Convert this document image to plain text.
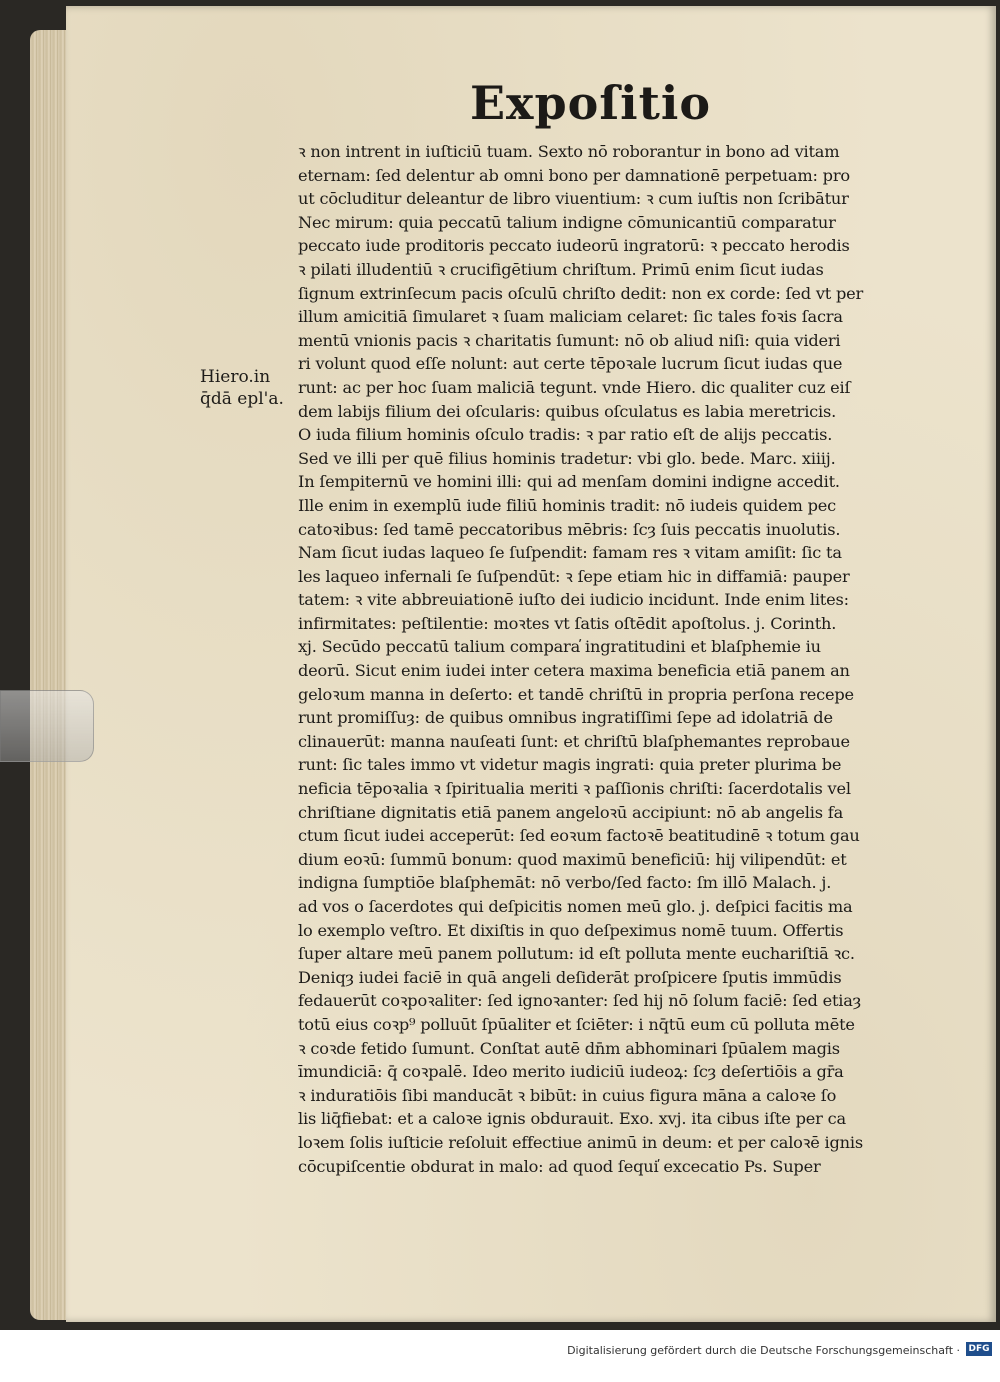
Expoſitio
Hiero.in
q̄dā epl'a.
ꝛ non intrent in iuſticiū tuam. Sexto nō roborantur in bono ad vitam
eternam: ſed delentur ab omni bono per damnationē perpetuam: pro
ut cōcluditur deleantur de libro viuentium: ꝛ cum iuſtis non ſcribātur
Nec mirum: quia peccatū talium indigne cōmunicantiū comparatur
peccato iude proditoris peccato iudeorū ingratorū: ꝛ peccato herodis
ꝛ pilati illudentiū ꝛ crucifigētium chriſtum. Primū enim ſicut iudas
ſignum extrinſecum pacis oſculū chriſto dedit: non ex corde: ſed vt per
illum amicitiā ſimularet ꝛ ſuam maliciam celaret: ſic tales foꝛis ſacra
mentū vnionis pacis ꝛ charitatis ſumunt: nō ob aliud niſi: quia videri
ri volunt quod eſſe nolunt: aut certe tēpoꝛale lucrum ſicut iudas que
runt: ac per hoc ſuam maliciā tegunt. vnde Hiero. dic qualiter cuz eiſ
dem labijs filium dei oſcularis: quibus oſculatus es labia meretricis.
O iuda filium hominis oſculo tradis: ꝛ par ratio eſt de alijs peccatis.
Sed ve illi per quē filius hominis tradetur: vbi glo. bede. Marc. xiiij.
In ſempiternū ve homini illi: qui ad menſam domini indigne accedit.
Ille enim in exemplū iude filiū hominis tradit: nō iudeis quidem pec
catoꝛibus: ſed tamē peccatoribus mēbris: ſcȝ ſuis peccatis inuolutis.
Nam ſicut iudas laqueo ſe ſuſpendit: famam res ꝛ vitam amiſit: ſic ta
les laqueo infernali ſe ſuſpendūt: ꝛ ſepe etiam hic in diffamiā: pauper
tatem: ꝛ vite abbreuiationē iuſto dei iudicio incidunt. Inde enim lites:
infirmitates: peſtilentie: moꝛtes vt ſatis oſtēdit apoſtolus. j. Corinth.
xj. Secūdo peccatū talium compara̕ ingratitudini et blaſphemie iu
deorū. Sicut enim iudei inter cetera maxima beneficia etiā panem an
geloꝛum manna in deſerto: et tandē chriſtū in propria perſona recepe
runt promiſſuȝ: de quibus omnibus ingratiſſimi ſepe ad idolatriā de
clinauerūt: manna nauſeati ſunt: et chriſtū blaſphemantes reprobaue
runt: ſic tales immo vt videtur magis ingrati: quia preter plurima be
neficia tēpoꝛalia ꝛ ſpiritualia meriti ꝛ paſſionis chriſti: ſacerdotalis vel
chriſtiane dignitatis etiā panem angeloꝛū accipiunt: nō ab angelis fa
ctum ſicut iudei acceperūt: ſed eoꝛum factoꝛē beatitudinē ꝛ totum gau
dium eoꝛū: ſummū bonum: quod maximū beneficiū: hij vilipendūt: et
indigna ſumptiōe blaſphemāt: nō verbo/ſed facto: ſm illō Malach. j.
ad vos o ſacerdotes qui deſpicitis nomen meū glo. j. deſpici facitis ma
lo exemplo veſtro. Et dixiſtis in quo deſpeximus nomē tuum. Offertis
ſuper altare meū panem pollutum: id eſt polluta mente euchariſtiā ꝛc.
Deniqȝ iudei faciē in quā angeli deſiderāt proſpicere ſputis immūdis
fedauerūt coꝛpoꝛaliter: ſed ignoꝛanter: ſed hij nō ſolum faciē: ſed etiaȝ
totū eius coꝛp⁹ polluūt ſpūaliter et ſciēter: i nq̄tū eum cū polluta mēte
ꝛ coꝛde fetido ſumunt. Conſtat autē dn̄m abhominari ſpūalem magis
īmundiciā: q̄ coꝛpalē. Ideo merito iudiciū iudeoꝝ: ſcȝ deſertiōis a gr̄a
ꝛ induratiōis ſibi manducāt ꝛ bibūt: in cuius figura māna a caloꝛe ſo
lis liq̄fiebat: et a caloꝛe ignis obdurauit. Exo. xvj. ita cibus iſte per ca
loꝛem ſolis iuſticie reſoluit effectiue animū in deum: et per caloꝛē ignis
cōcupiſcentie obdurat in malo: ad quod ſequi̕ excecatio Ps. Super
Digitalisierung gefördert durch die Deutsche Forschungsgemeinschaft · DFG
